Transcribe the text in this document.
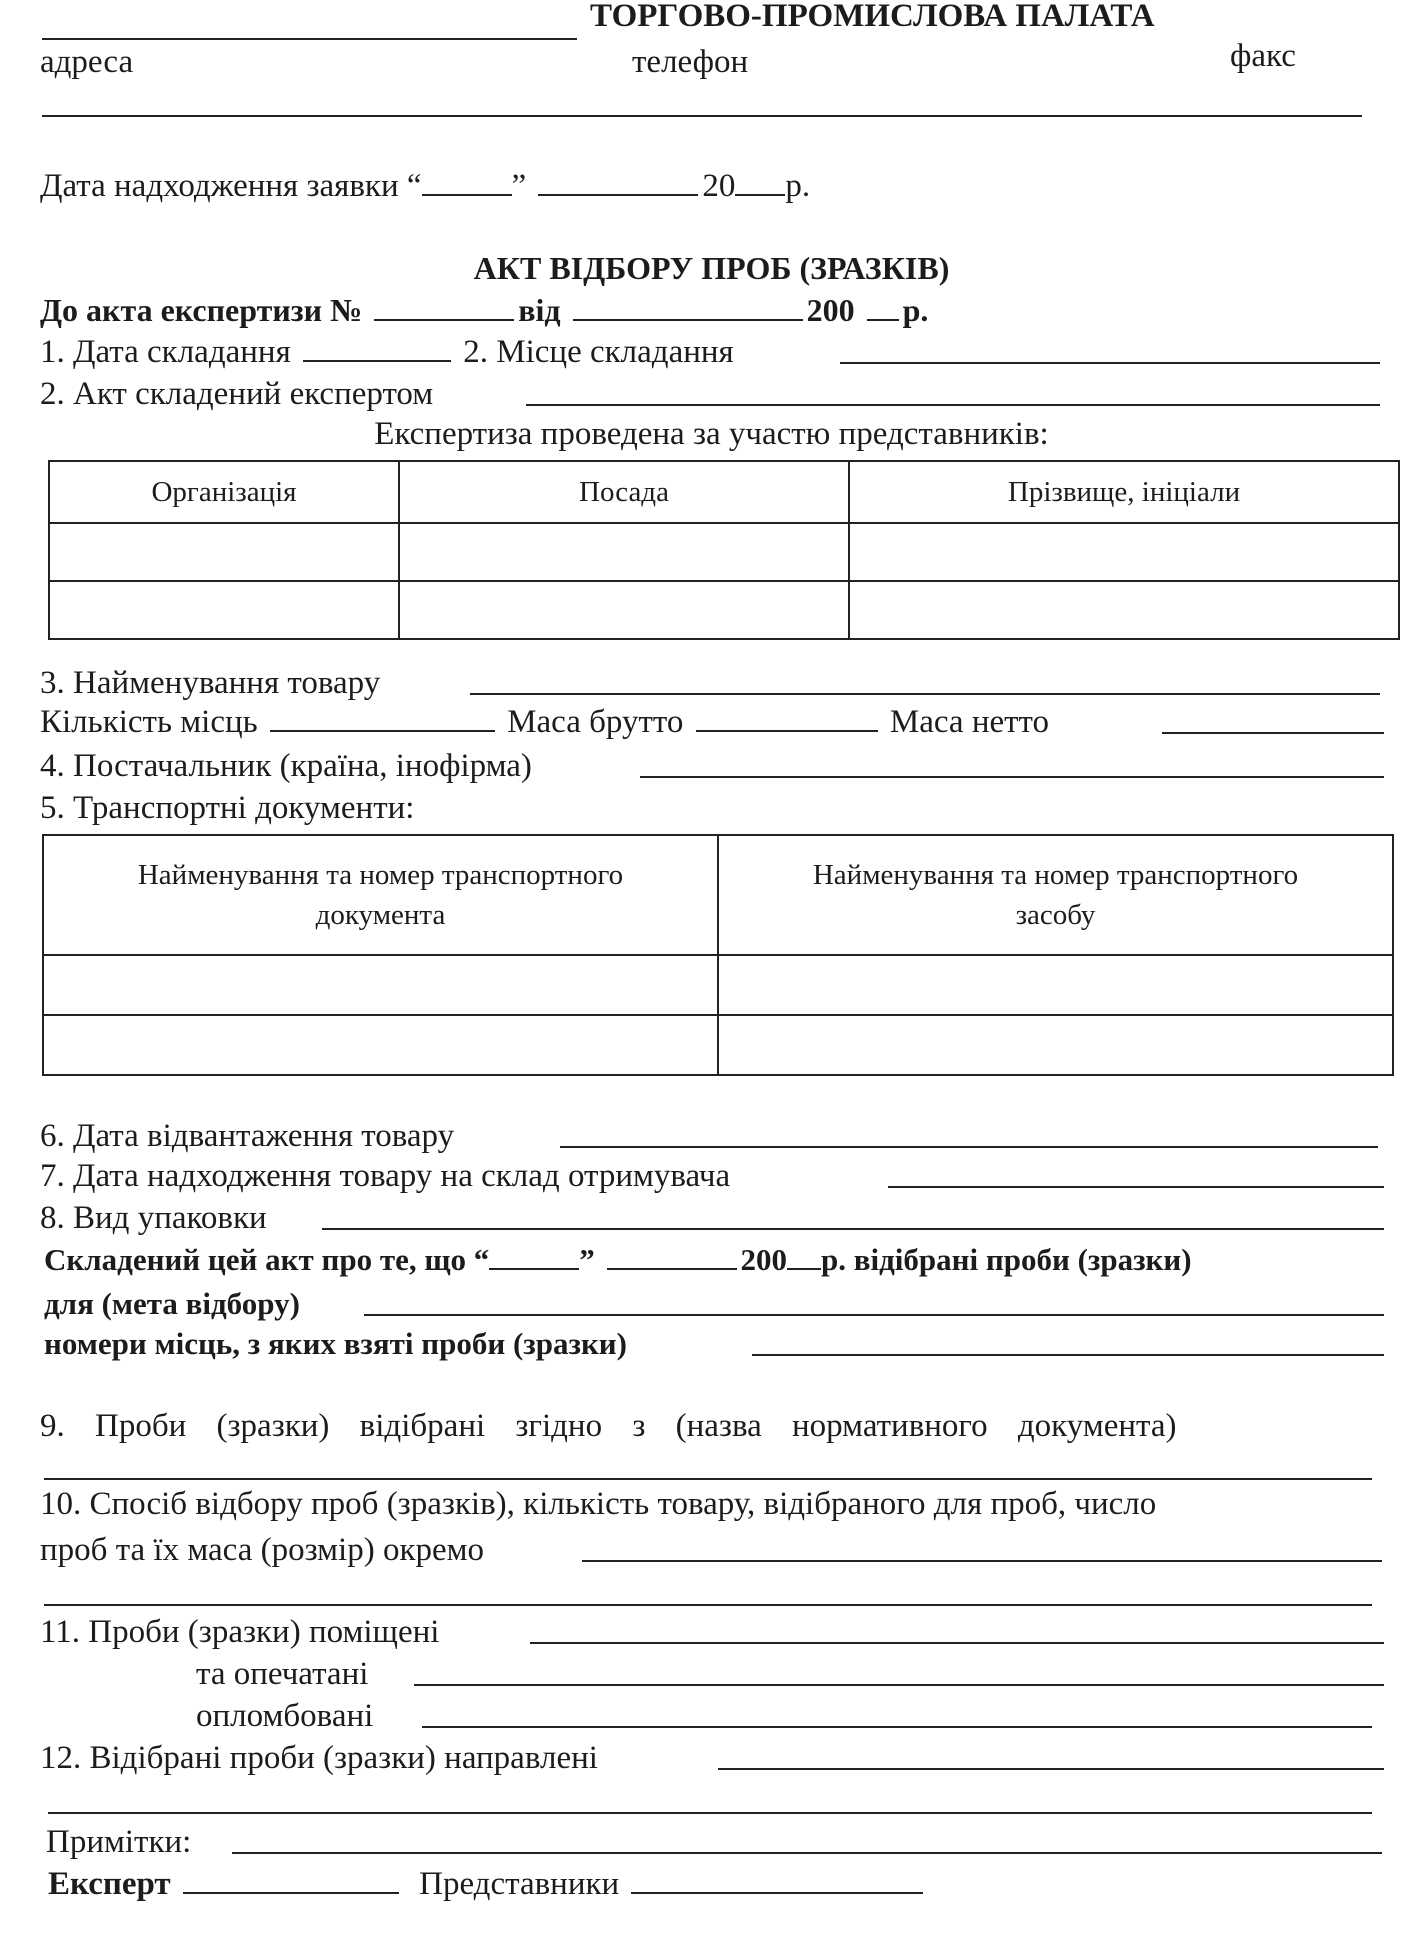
ТОРГОВО-ПРОМИСЛОВА ПАЛАТА
адреса	телефон	факс
Дата надходження заявки “	”	20 р.
АКТ ВІДБОРУ ПРОБ (ЗРАЗКІВ)
До акта експертизи №	від	200 р.
1. Дата складання	2. Місце складання
2. Акт складений експертом
Експертиза проведена за участю представників:
Організація	Посада	Прізвище, ініціали

3. Найменування товару
Кількість місць	Маса брутто	Маса нетто
4. Постачальник (країна, інофірма)
5. Транспортні документи:
Найменування та номер транспортного документа	Найменування та номер транспортного засобу

6. Дата відвантаження товару
7. Дата надходження товару на склад отримувача
8. Вид упаковки
Складений цей акт про те, що “	”	200 р. відібрані проби (зразки)
для (мета відбору)
номери місць, з яких взяті проби (зразки)
9. Проби (зразки) відібрані згідно з (назва нормативного документа)
10. Спосіб відбору проб (зразків), кількість товару, відібраного для проб, число
проб та їх маса (розмір) окремо
11. Проби (зразки) поміщені
та опечатані
опломбовані
12. Відібрані проби (зразки) направлені
Примітки:
Експерт	Представники
